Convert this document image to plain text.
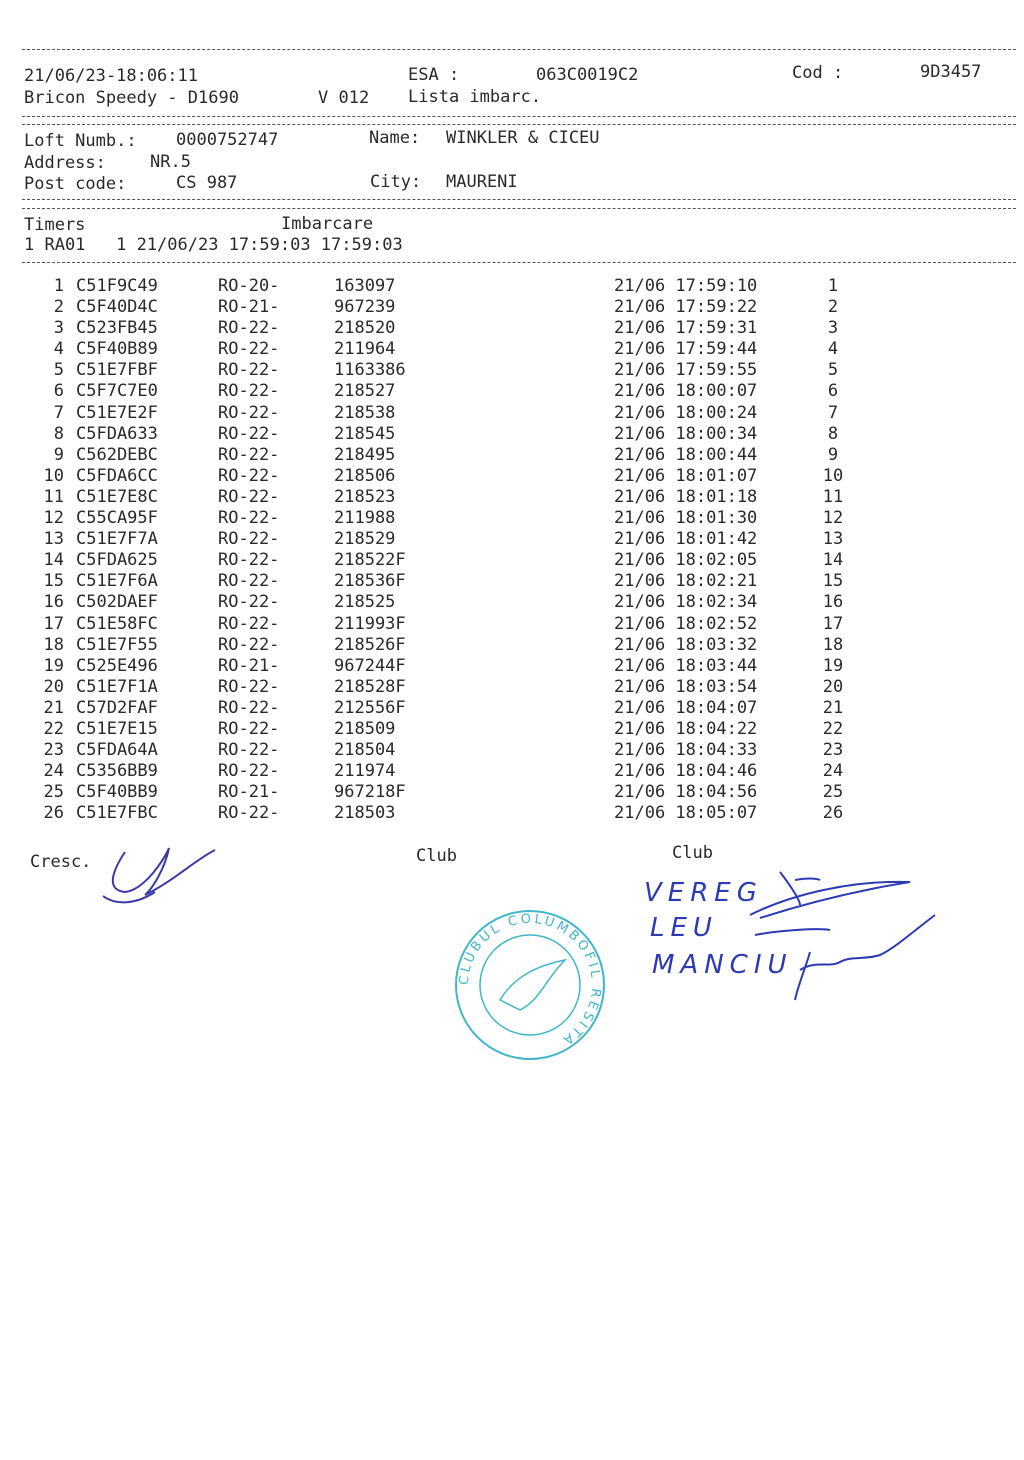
21/06/23-18:06:11	ESA :	063C0019C2	Cod :	9D3457
Bricon Speedy - D1690	V 012 Lista imbarc.
Loft Numb.: 0000752747	Name: WINKLER & CICEU
Address:	NR.5
Post code:	CS 987	City: MAURENI
Timers	Imbarcare
1 RA01   1 21/06/23 17:59:03 17:59:03
1 C51F9C49	RO-20-	163097	21/06 17:59:10	1
2 C5F40D4C	RO-21-	967239	21/06 17:59:22	2
3 C523FB45	RO-22-	218520	21/06 17:59:31	3
4 C5F40B89	RO-22-	211964	21/06 17:59:44	4
5 C51E7FBF	RO-22-	1163386	21/06 17:59:55	5
6 C5F7C7E0	RO-22-	218527	21/06 18:00:07	6
7 C51E7E2F	RO-22-	218538	21/06 18:00:24	7
8 C5FDA633	RO-22-	218545	21/06 18:00:34	8
9 C562DEBC	RO-22-	218495	21/06 18:00:44	9
10 C5FDA6CC	RO-22-	218506	21/06 18:01:07	10
11 C51E7E8C	RO-22-	218523	21/06 18:01:18	11
12 C55CA95F	RO-22-	211988	21/06 18:01:30	12
13 C51E7F7A	RO-22-	218529	21/06 18:01:42	13
14 C5FDA625	RO-22-	218522F	21/06 18:02:05	14
15 C51E7F6A	RO-22-	218536F	21/06 18:02:21	15
16 C502DAEF	RO-22-	218525	21/06 18:02:34	16
17 C51E58FC	RO-22-	211993F	21/06 18:02:52	17
18 C51E7F55	RO-22-	218526F	21/06 18:03:32	18
19 C525E496	RO-21-	967244F	21/06 18:03:44	19
20 C51E7F1A	RO-22-	218528F	21/06 18:03:54	20
21 C57D2FAF	RO-22-	212556F	21/06 18:04:07	21
22 C51E7E15	RO-22-	218509	21/06 18:04:22	22
23 C5FDA64A	RO-22-	218504	21/06 18:04:33	23
24 C5356BB9	RO-22-	211974	21/06 18:04:46	24
25 C5F40BB9	RO-21-	967218F	21/06 18:04:56	25
26 C51E7FBC	RO-22-	218503	21/06 18:05:07	26
Cresc.	Club	Club
CLUBUL COLUMBOFIL RESITA
VEREG
LEU
MANCIU
